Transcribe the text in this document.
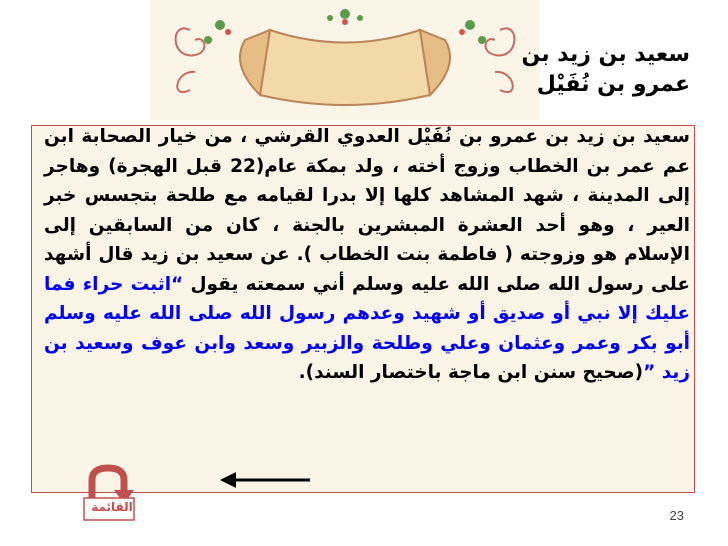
سعيد بن زيد بن
عمرو بن نُفَيْل
سعيد بن زيد بن عمرو بن نُفَيْل العدوي القرشي ، من خيار الصحابة ابن عم عمر بن الخطاب وزوج أخته ، ولد بمكة عام(22 قبل الهجرة) وهاجر إلى المدينة ، شهد المشاهد كلها إلا بدرا لقيامه مع طلحة بتجسس خبر العير ، وهو أحد العشرة المبشرين بالجنة ، كان من السابقين إلى الإسلام هو وزوجته ( فاطمة بنت الخطاب ). عن سعيد بن زيد قال أشهد على رسول الله صلى الله عليه وسلم أني سمعته يقول “اثبت حراء فما عليك إلا نبي أو صديق أو شهيد وعدهم رسول الله صلى الله عليه وسلم أبو بكر وعمر وعثمان وعلي وطلحة والزبير وسعد وابن عوف وسعيد بن زيد ”(صحيح سنن ابن ماجة باختصار السند).
القائمة
23
